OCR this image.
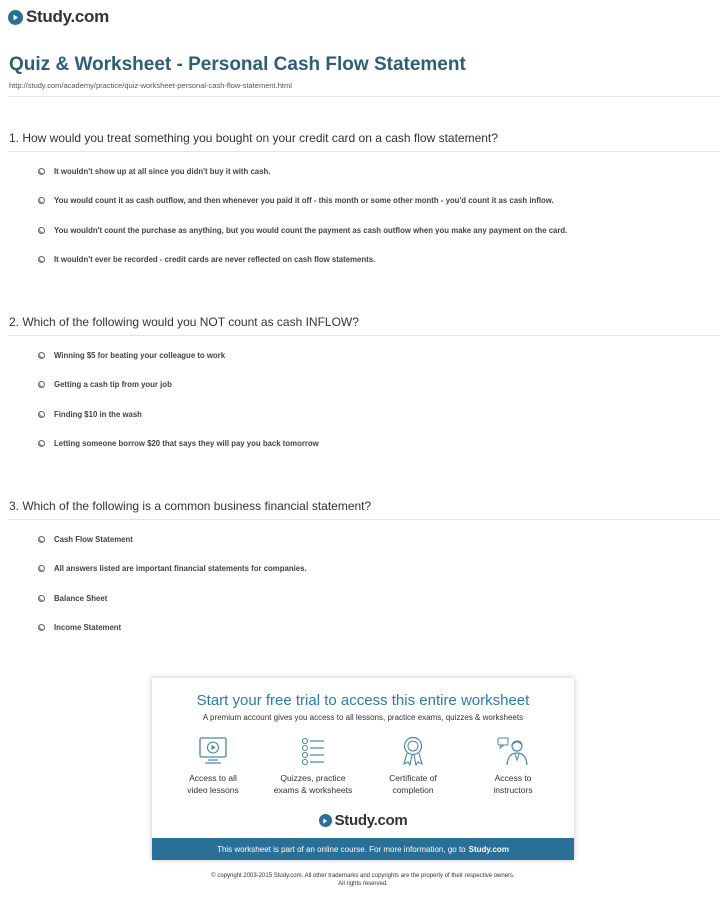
Study.com
Quiz & Worksheet - Personal Cash Flow Statement
http://study.com/academy/practice/quiz-worksheet-personal-cash-flow-statement.html
1. How would you treat something you bought on your credit card on a cash flow statement?
It wouldn't show up at all since you didn't buy it with cash.
You would count it as cash outflow, and then whenever you paid it off - this month or some other month - you'd count it as cash inflow.
You wouldn't count the purchase as anything, but you would count the payment as cash outflow when you make any payment on the card.
It wouldn't ever be recorded - credit cards are never reflected on cash flow statements.
2. Which of the following would you NOT count as cash INFLOW?
Winning $5 for beating your colleague to work
Getting a cash tip from your job
Finding $10 in the wash
Letting someone borrow $20 that says they will pay you back tomorrow
3. Which of the following is a common business financial statement?
Cash Flow Statement
All answers listed are important financial statements for companies.
Balance Sheet
Income Statement
Start your free trial to access this entire worksheet
A premium account gives you access to all lessons, practice exams, quizzes & worksheets
Access to all
video lessons
Quizzes, practice
exams & worksheets
Certificate of
completion
Access to
instructors
Study.com
This worksheet is part of an online course. For more information, go to Study.com
© copyright 2003-2015 Study.com. All other trademarks and copyrights are the property of their respective owners.
All rights reserved.
